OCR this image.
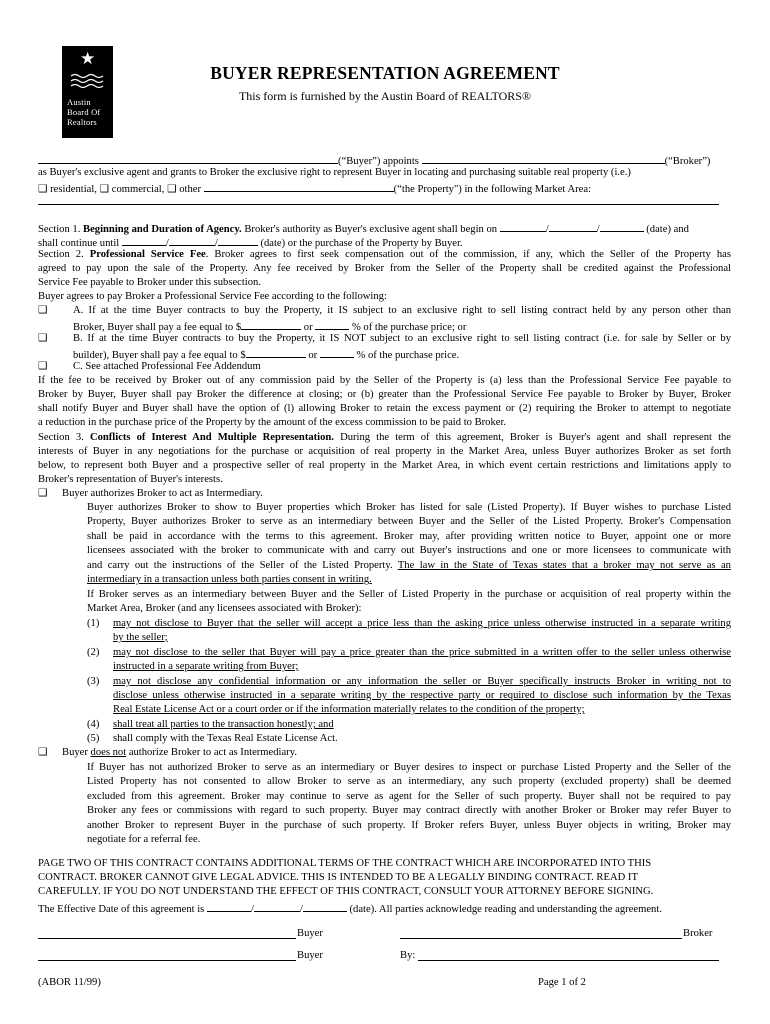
★
Austin
Board Of
Realtors
BUYER REPRESENTATION AGREEMENT
This form is furnished by the Austin Board of REALTORS®
(“Buyer”) appoints	(“Broker”)
as Buyer's exclusive agent and grants to Broker the exclusive right to represent Buyer in locating and purchasing suitable real property (i.e.)
❑ residential, ❑ commercial, ❑ other	(“the Property") in the following Market Area:
Section 1. Beginning and Duration of Agency. Broker's authority as Buyer's exclusive agent shall begin on	/	/	(date) and
shall continue until	/	/	(date) or the purchase of the Property by Buyer.
Section 2. Professional Service Fee. Broker agrees to first seek compensation out of the commission, if any, which the Seller of the Property has
agreed to pay upon the sale of the Property. Any fee received by Broker from the Seller of the Property shall be credited against the Professional
Service Fee payable to Broker under this subsection.
Buyer agrees to pay Broker a Professional Service Fee according to the following:
❑ A. If at the time Buyer contracts to buy the Property, it IS subject to an exclusive right to sell listing contract held by any person other than
Broker, Buyer shall pay a fee equal to $	or	% of the purchase price; or
❑ B. If at the time Buyer contracts to buy the Property, it IS NOT subject to an exclusive right to sell listing contract (i.e. for sale by Seller or by
builder), Buyer shall pay a fee equal to $	or	% of the purchase price.
❑ C. See attached Professional Fee Addendum
If the fee to be received by Broker out of any commission paid by the Seller of the Property is (a) less than the Professional Service Fee payable to
Broker by Buyer, Buyer shall pay Broker the difference at closing; or (b) greater than the Professional Service Fee payable to Broker by Buyer, Broker
shall notify Buyer and Buyer shall have the option of (l) allowing Broker to retain the excess payment or (2) requiring the Broker to attempt to negotiate
a reduction in the purchase price of the Property by the amount of the excess commission to be paid to Broker.
Section 3. Conflicts of Interest And Multiple Representation. During the term of this agreement, Broker is Buyer's agent and shall represent the
interests of Buyer in any negotiations for the purchase or acquisition of real property in the Market Area, unless Buyer authorizes Broker as set forth
below, to represent both Buyer and a prospective seller of real property in the Market Area, in which event certain restrictions and limitations apply to
Broker's representation of Buyer's interests.
❑ Buyer authorizes Broker to act as Intermediary.
Buyer authorizes Broker to show to Buyer properties which Broker has listed for sale (Listed Property). If Buyer wishes to purchase Listed
Property, Buyer authorizes Broker to serve as an intermediary between Buyer and the Seller of the Listed Property. Broker's Compensation
shall be paid in accordance with the terms to this agreement. Broker may, after providing written notice to Buyer, appoint one or more
licensees associated with the broker to communicate with and carry out Buyer's instructions and one or more licensees to communicate with
and carry out the instructions of the Seller of the Listed Property. The law in the State of Texas states that a broker may not serve as an
intermediary in a transaction unless both parties consent in writing.
If Broker serves as an intermediary between Buyer and the Seller of Listed Property in the purchase or acquisition of real property within the
Market Area, Broker (and any licensees associated with Broker):
(1) may not disclose to Buyer that the seller will accept a price less than the asking price unless otherwise instructed in a separate writing
by the seller;
(2) may not disclose to the seller that Buyer will pay a price greater than the price submitted in a written offer to the seller unless otherwise
instructed in a separate writing from Buyer;
(3) may not disclose any confidential information or any information the seller or Buyer specifically instructs Broker in writing not to
disclose unless otherwise instructed in a separate writing by the respective party or required to disclose such information by the Texas
Real Estate License Act or a court order or if the information materially relates to the condition of the property;
(4) shall treat all parties to the transaction honestly; and
(5) shall comply with the Texas Real Estate License Act.
❑ Buyer does not authorize Broker to act as Intermediary.
If Buyer has not authorized Broker to serve as an intermediary or Buyer desires to inspect or purchase Listed Property and the Seller of the
Listed Property has not consented to allow Broker to serve as an intermediary, any such property (excluded property) shall be deemed
excluded from this agreement. Broker may continue to serve as agent for the Seller of such property. Buyer shall not be required to pay
Broker any fees or commissions with regard to such property. Buyer may contract directly with another Broker or Broker may refer Buyer to
another Broker to represent Buyer in the purchase of such property. If Broker refers Buyer, unless Buyer objects in writing, Broker may
negotiate for a referral fee.
PAGE TWO OF THIS CONTRACT CONTAINS ADDITIONAL TERMS OF THE CONTRACT WHICH ARE INCORPORATED INTO THIS
CONTRACT. BROKER CANNOT GIVE LEGAL ADVICE. THIS IS INTENDED TO BE A LEGALLY BINDING CONTRACT. READ IT
CAREFULLY. IF YOU DO NOT UNDERSTAND THE EFFECT OF THIS CONTRACT, CONSULT YOUR ATTORNEY BEFORE SIGNING.
The Effective Date of this agreement is	/	/	(date). All parties acknowledge reading and understanding the agreement.
Buyer	Broker
Buyer	By:
(ABOR 11/99)	Page 1 of 2
